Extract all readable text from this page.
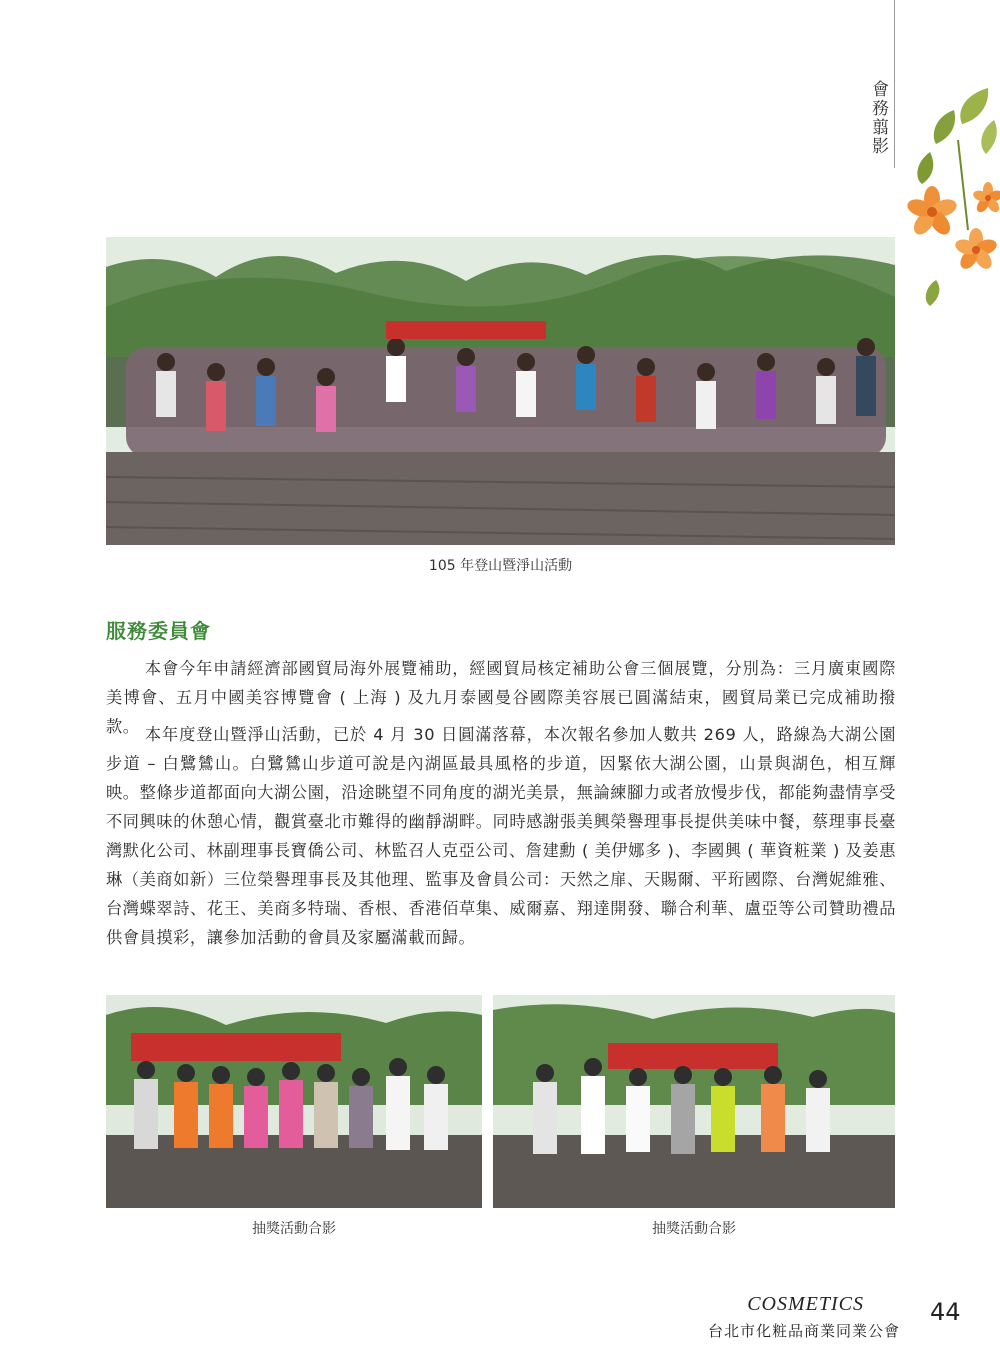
會務翦影
105 年登山暨淨山活動
服務委員會

本會今年申請經濟部國貿局海外展覽補助，經國貿局核定補助公會三個展覽，分別為：三月廣東國際美博會、五月中國美容博覽會 ( 上海 ) 及九月泰國曼谷國際美容展已圓滿結束，國貿局業已完成補助撥款。 本年度登山暨淨山活動，已於 4 月 30 日圓滿落幕，本次報名參加人數共 269 人，路線為大湖公園步道 – 白鷺鷥山。白鷺鷥山步道可說是內湖區最具風格的步道，因緊依大湖公園，山景與湖色，相互輝映。整條步道都面向大湖公園，沿途眺望不同角度的湖光美景，無論練腳力或者放慢步伐，都能夠盡情享受不同興味的休憩心情，觀賞臺北市難得的幽靜湖畔。同時感謝張美興榮譽理事長提供美味中餐，蔡理事長臺灣默化公司、林副理事長寶僑公司、林監召人克亞公司、詹建勳 ( 美伊娜多 )、李國興 ( 華資粧業 ) 及姜惠琳（美商如新）三位榮譽理事長及其他理、監事及會員公司：天然之扉、天賜爾、平珩國際、台灣妮維雅、台灣蝶翠詩、花王、美商多特瑞、香根、香港佰草集、威爾嘉、翔達開發、聯合利華、盧亞等公司贊助禮品供會員摸彩，讓參加活動的會員及家屬滿載而歸。

抽獎活動合影	抽獎活動合影
COSMETICS
台北市化粧品商業同業公會
44
